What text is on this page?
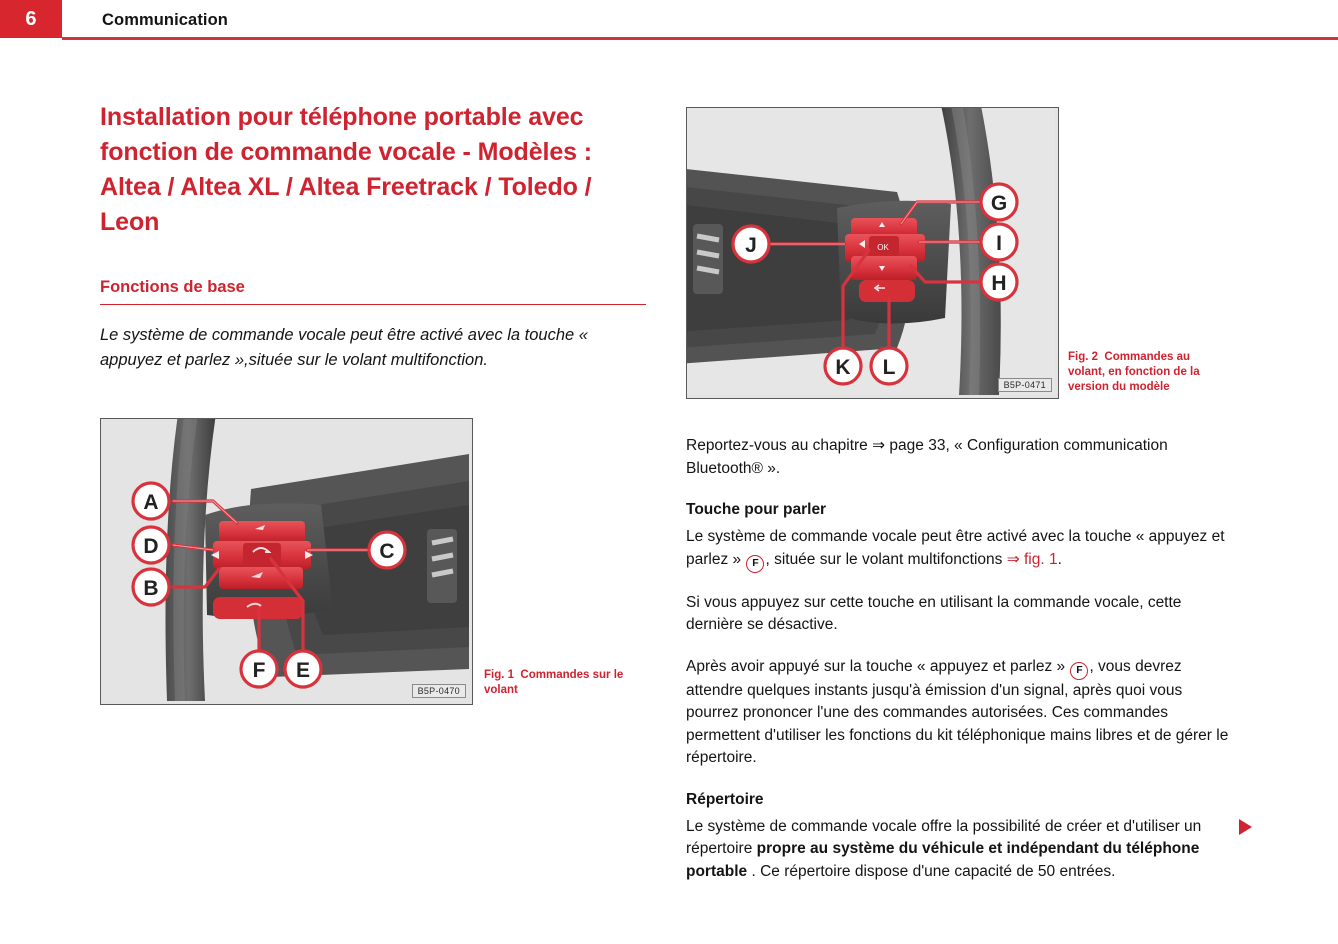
6	Communication
Installation pour téléphone portable avec fonction de commande vocale - Modèles : Altea / Altea XL / Altea Freetrack / Toledo / Leon
Fonctions de base

Le système de commande vocale peut être activé avec la touche « appuyez et parlez »,située sur le volant multifonction.

A
D
B
C
F E
B5P-0470
Fig. 1 Commandes sur le volant
OK
G
I
H
J
K L
B5P-0471
Fig. 2 Commandes au volant, en fonction de la version du modèle

Reportez-vous au chapitre ⇒ page 33, « Configuration communication Bluetooth® ».

Touche pour parler

Le système de commande vocale peut être activé avec la touche « appuyez et parlez » F , située sur le volant multifonctions ⇒ fig. 1.

Si vous appuyez sur cette touche en utilisant la commande vocale, cette dernière se désactive.

Après avoir appuyé sur la touche « appuyez et parlez » F , vous devrez attendre quelques instants jusqu'à émission d'un signal, après quoi vous pourrez prononcer l'une des commandes autorisées. Ces commandes permettent d'utiliser les fonctions du kit téléphonique mains libres et de gérer le répertoire.

Répertoire

Le système de commande vocale offre la possibilité de créer et d'utiliser un répertoire propre au système du véhicule et indépendant du téléphone portable . Ce répertoire dispose d'une capacité de 50 entrées.
